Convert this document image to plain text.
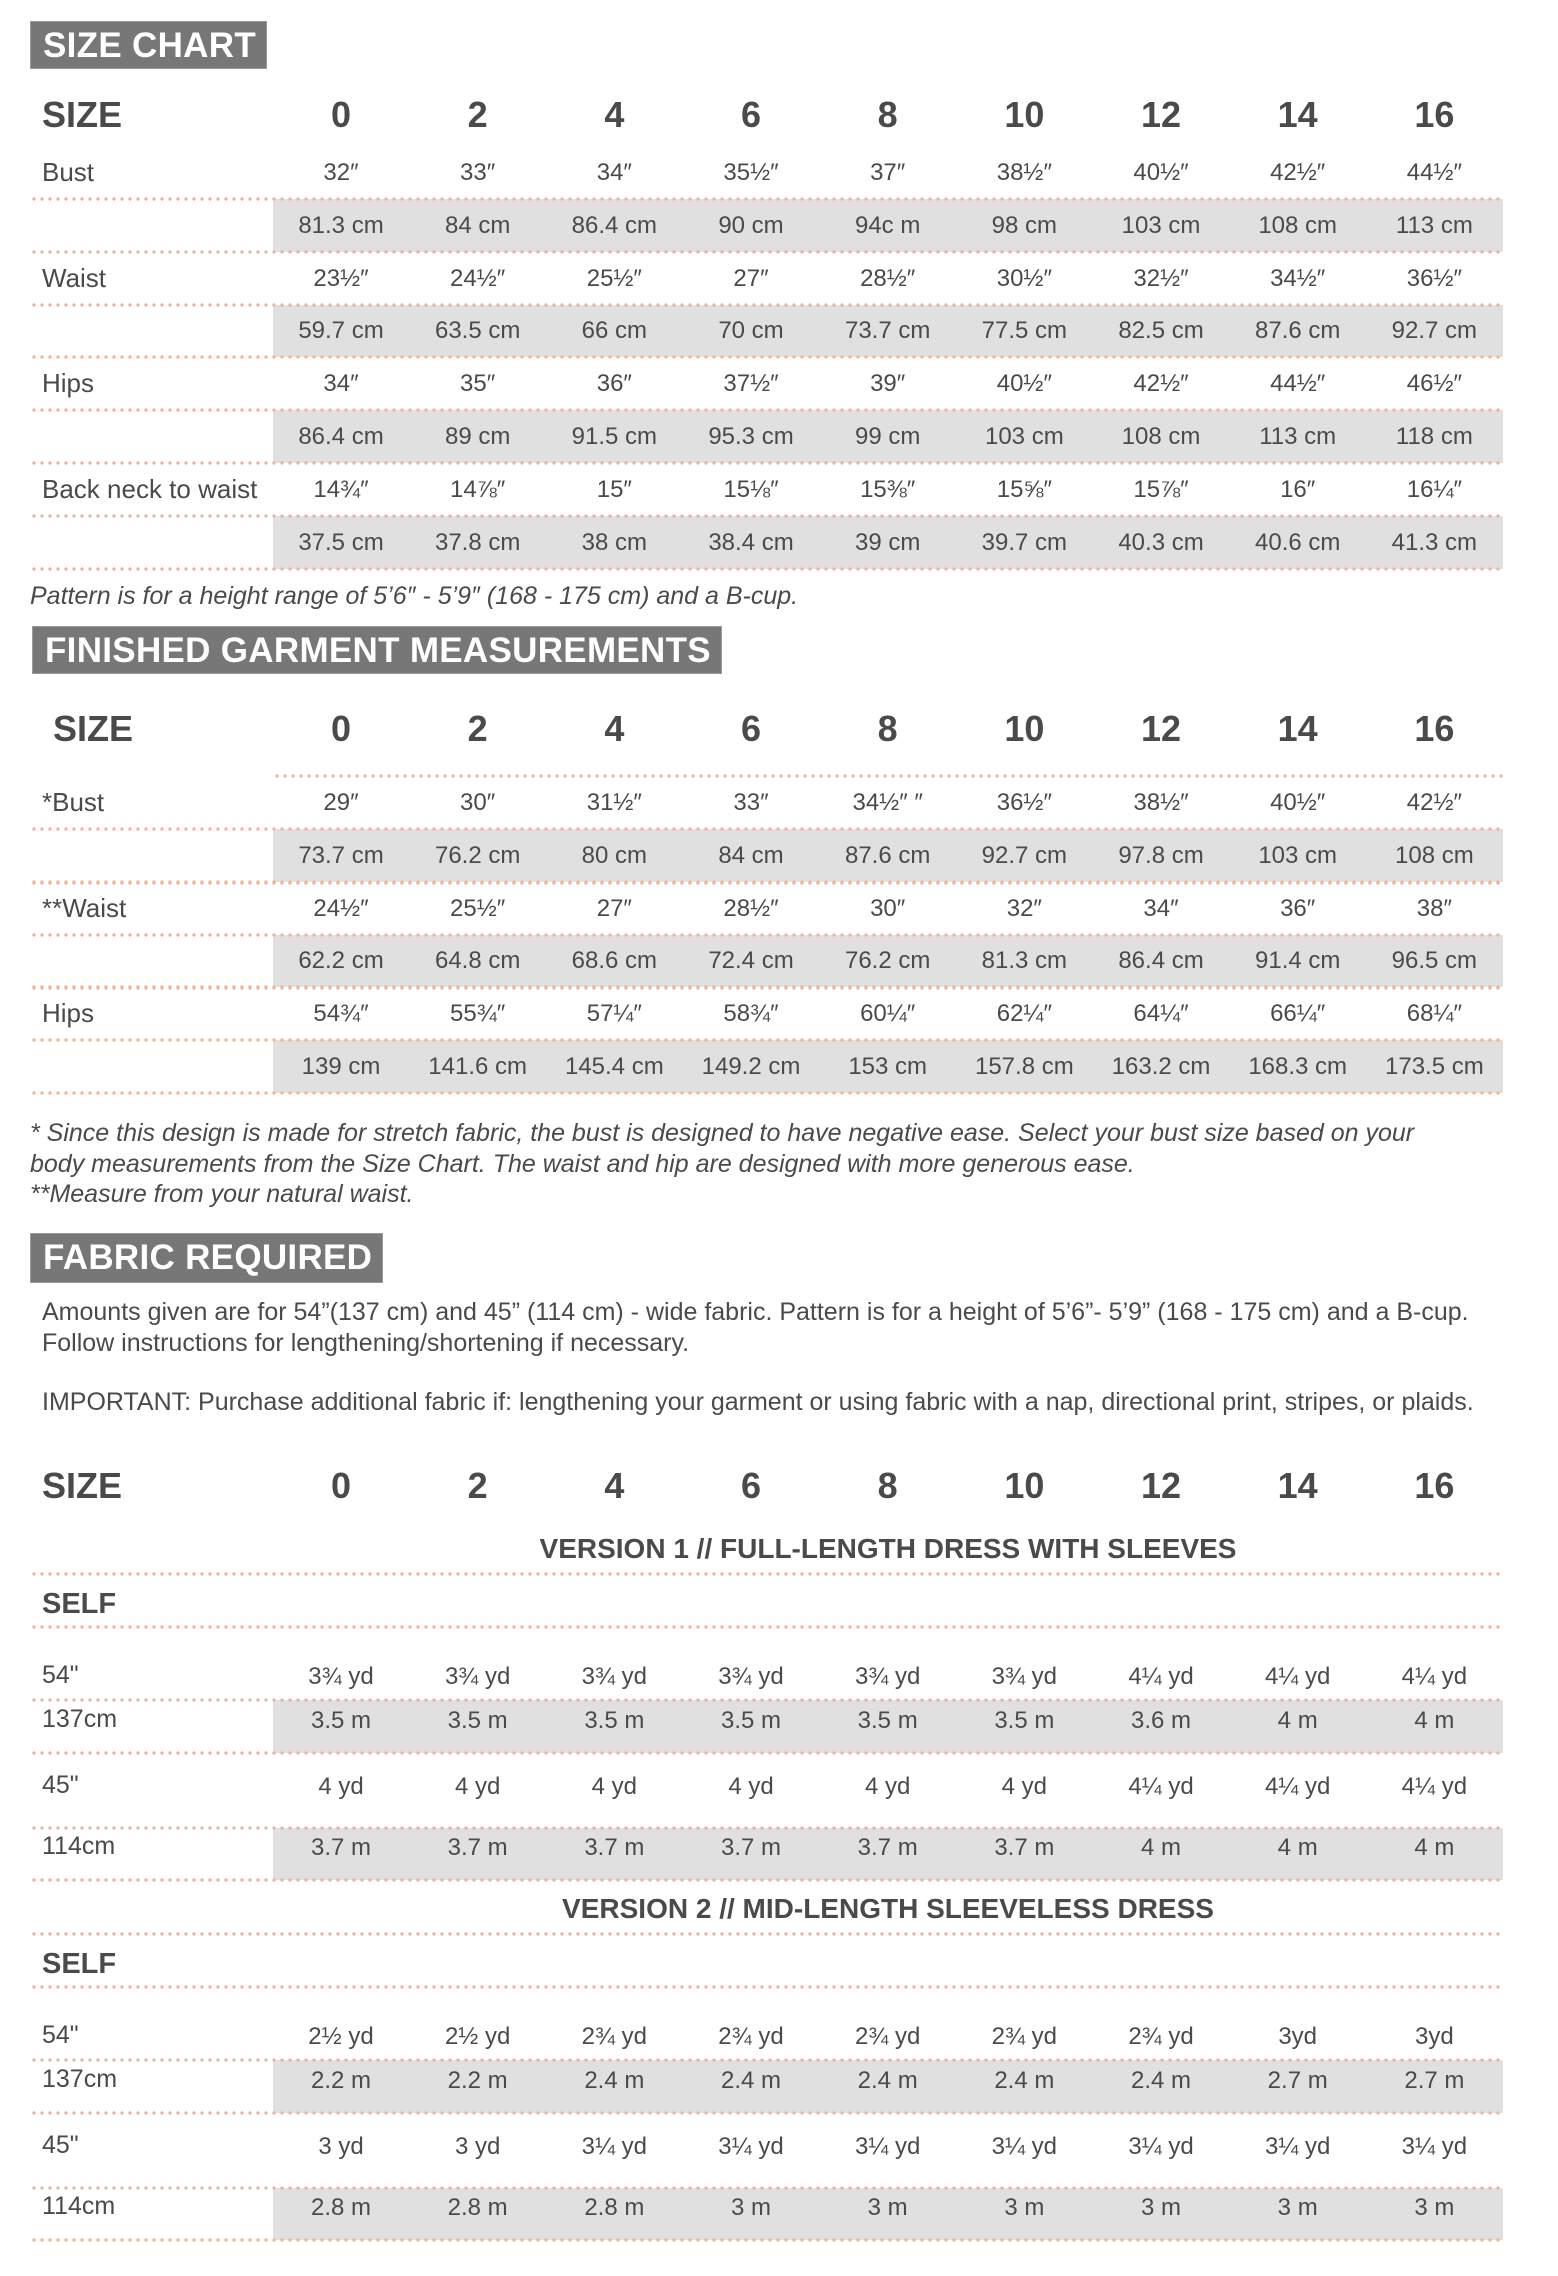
SIZE CHART
SIZE	0	2	4	6	8	10	12	14	16
Bust	32″	33″	34″	35½″	37″	38½″	40½″	42½″	44½″
81.3 cm	84 cm	86.4 cm	90 cm	94c m	98 cm	103 cm	108 cm	113 cm
Waist	23½″	24½″	25½″	27″	28½″	30½″	32½″	34½″	36½″
59.7 cm	63.5 cm	66 cm	70 cm	73.7 cm	77.5 cm	82.5 cm	87.6 cm	92.7 cm
Hips	34″	35″	36″	37½″	39″	40½″	42½″	44½″	46½″
86.4 cm	89 cm	91.5 cm	95.3 cm	99 cm	103 cm	108 cm	113 cm	118 cm
Back neck to waist	14¾″	14⅞″	15″	15⅛″	15⅜″	15⅝″	15⅞″	16″	16¼″
37.5 cm	37.8 cm	38 cm	38.4 cm	39 cm	39.7 cm	40.3 cm	40.6 cm	41.3 cm
Pattern is for a height range of 5’6″ - 5’9″ (168 - 175 cm) and a B-cup.
FINISHED GARMENT MEASUREMENTS
SIZE	0	2	4	6	8	10	12	14	16
*Bust	29″	30″	31½″	33″	34½″ ″	36½″	38½″	40½″	42½″
73.7 cm	76.2 cm	80 cm	84 cm	87.6 cm	92.7 cm	97.8 cm	103 cm	108 cm
**Waist	24½″	25½″	27″	28½″	30″	32″	34″	36″	38″
62.2 cm	64.8 cm	68.6 cm	72.4 cm	76.2 cm	81.3 cm	86.4 cm	91.4 cm	96.5 cm
Hips	54¾″	55¾″	57¼″	58¾″	60¼″	62¼″	64¼″	66¼″	68¼″
139 cm	141.6 cm	145.4 cm	149.2 cm	153 cm	157.8 cm	163.2 cm	168.3 cm	173.5 cm
* Since this design is made for stretch fabric, the bust is designed to have negative ease. Select your bust size based on your
body measurements from the Size Chart. The waist and hip are designed with more generous ease.
**Measure from your natural waist.
FABRIC REQUIRED
Amounts given are for 54”(137 cm) and 45” (114 cm) - wide fabric. Pattern is for a height of 5’6”- 5’9” (168 - 175 cm) and a B-cup. Follow instructions for lengthening/shortening if necessary.
IMPORTANT: Purchase additional fabric if: lengthening your garment or using fabric with a nap, directional print, stripes, or plaids.
SIZE	0	2	4	6	8	10	12	14	16
VERSION 1 // FULL-LENGTH DRESS WITH SLEEVES
SELF
54"	3¾ yd	3¾ yd	3¾ yd	3¾ yd	3¾ yd	3¾ yd	4¼ yd	4¼ yd	4¼ yd
137cm	3.5 m	3.5 m	3.5 m	3.5 m	3.5 m	3.5 m	3.6 m	4 m	4 m
45"	4 yd	4 yd	4 yd	4 yd	4 yd	4 yd	4¼ yd	4¼ yd	4¼ yd
114cm	3.7 m	3.7 m	3.7 m	3.7 m	3.7 m	3.7 m	4 m	4 m	4 m
VERSION 2 // MID-LENGTH SLEEVELESS DRESS
SELF
54"	2½ yd	2½ yd	2¾ yd	2¾ yd	2¾ yd	2¾ yd	2¾ yd	3yd	3yd
137cm	2.2 m	2.2 m	2.4 m	2.4 m	2.4 m	2.4 m	2.4 m	2.7 m	2.7 m
45"	3 yd	3 yd	3¼ yd	3¼ yd	3¼ yd	3¼ yd	3¼ yd	3¼ yd	3¼ yd
114cm	2.8 m	2.8 m	2.8 m	3 m	3 m	3 m	3 m	3 m	3 m
